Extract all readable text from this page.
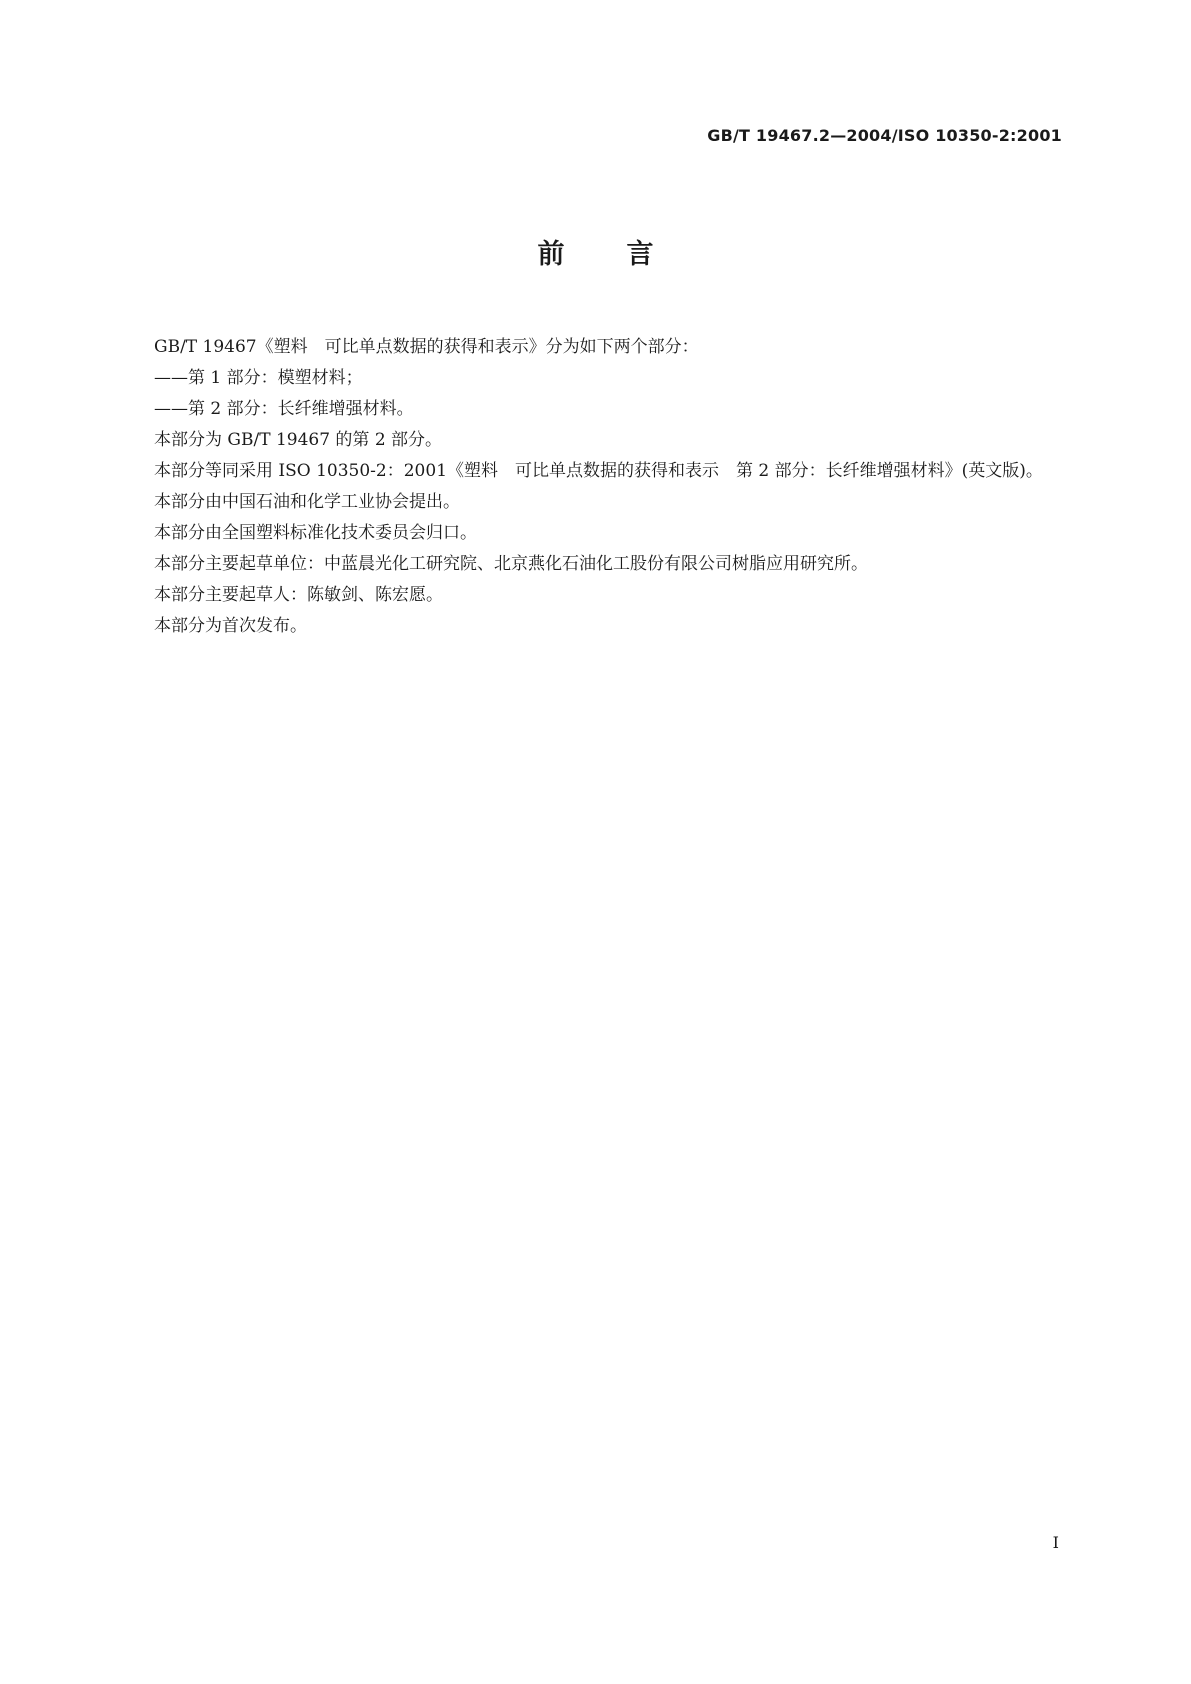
GB/T 19467.2—2004/ISO 10350-2:2001
前言

GB/T 19467《塑料　可比单点数据的获得和表示》分为如下两个部分：

——第 1 部分：模塑材料；

——第 2 部分：长纤维增强材料。

本部分为 GB/T 19467 的第 2 部分。

本部分等同采用 ISO 10350-2：2001《塑料　可比单点数据的获得和表示　第 2 部分：长纤维增强材料》(英文版)。

本部分由中国石油和化学工业协会提出。

本部分由全国塑料标准化技术委员会归口。

本部分主要起草单位：中蓝晨光化工研究院、北京燕化石油化工股份有限公司树脂应用研究所。

本部分主要起草人：陈敏剑、陈宏愿。

本部分为首次发布。

I
